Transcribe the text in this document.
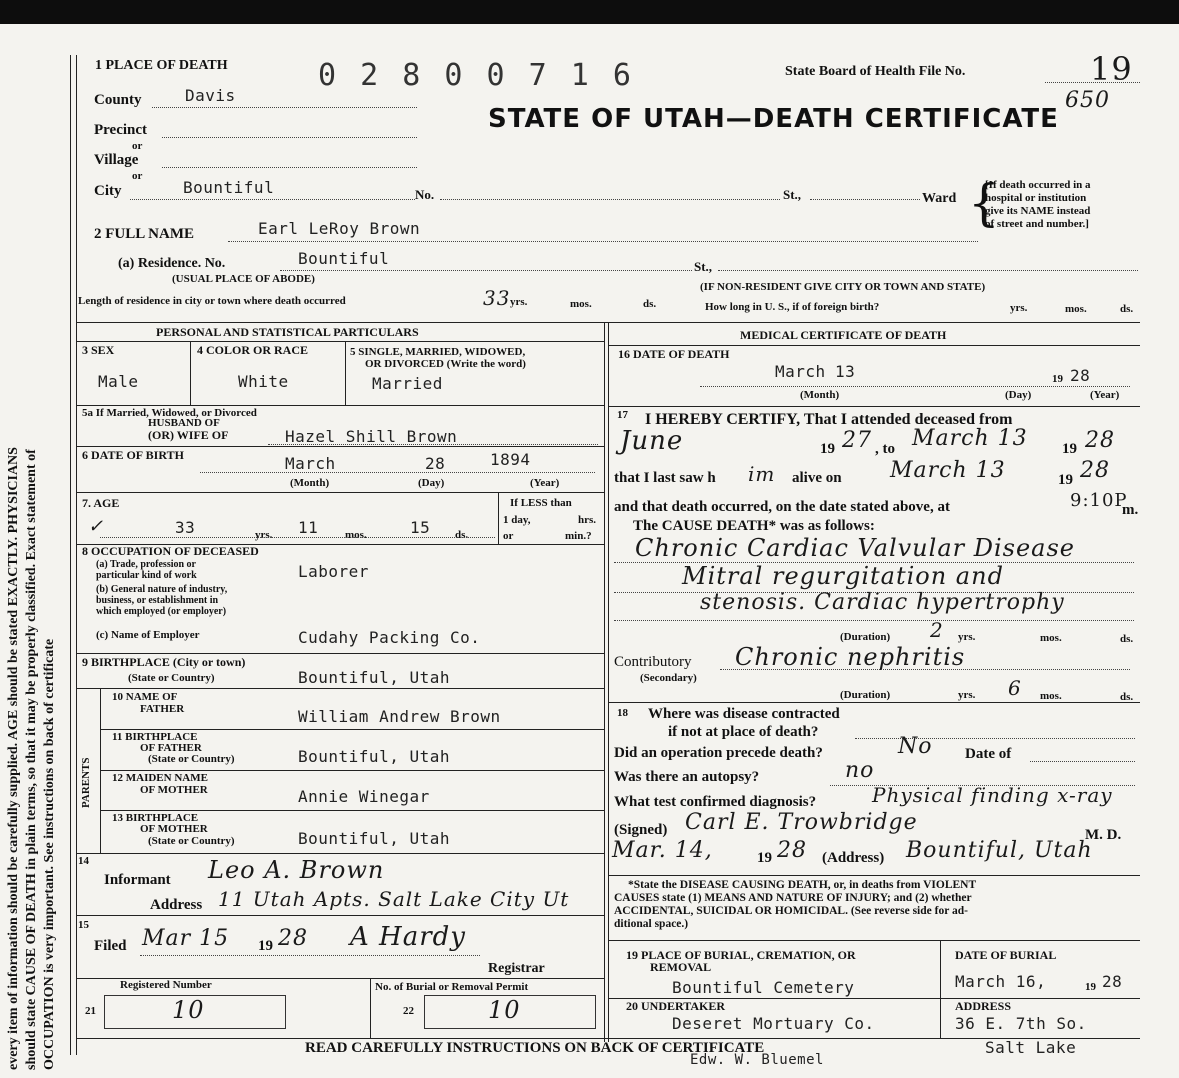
every item of information should be carefully supplied. AGE should be stated EXACTLY. PHYSICIANS should state CAUSE OF DEATH in plain terms, so that it may be properly classified. Exact statement of OCCUPATION is very important. See instructions on back of certificate
1 PLACE OF DEATH	0 2 8 0 0 7 1 6	State Board of Health File No.	19
650
STATE OF UTAH—DEATH CERTIFICATE
County	Davis
Precinct
or
Village
or
City	Bountiful	No.	St.,	Ward {
[If death occurred in a
hospital or institution
give its NAME instead
of street and number.]
2 FULL NAME	Earl LeRoy Brown
(a) Residence. No.	Bountiful	St.,
(USUAL PLACE OF ABODE)
(IF NON-RESIDENT GIVE CITY OR TOWN AND STATE)
Length of residence in city or town where death occurred	33 yrs.	mos.	ds.	How long in U. S., if of foreign birth?	yrs.	mos.	ds.
PERSONAL AND STATISTICAL PARTICULARS
3 SEX
Male
4 COLOR OR RACE
White
5 SINGLE, MARRIED, WIDOWED,
OR DIVORCED (Write the word)
Married
5a If Married, Widowed, or Divorced
HUSBAND OF
(OR) WIFE OF	Hazel Shill Brown
6 DATE OF BIRTH	March	28	1894
(Month)	(Day)	(Year)
7. AGE
✓	33	yrs. 11 mos.	15 ds.
If LESS than
1 day,	hrs.
or	min.?
8 OCCUPATION OF DECEASED
(a) Trade, profession or
particular kind of work	Laborer
(b) General nature of industry,
business, or establishment in
which employed (or employer)
(c) Name of Employer	Cudahy Packing Co.
9 BIRTHPLACE (City or town)
(State or Country)	Bountiful, Utah
PARENTS
10 NAME OF
FATHER	William Andrew Brown
11 BIRTHPLACE
OF FATHER
(State or Country)	Bountiful, Utah
12 MAIDEN NAME
OF MOTHER	Annie Winegar
13 BIRTHPLACE
OF MOTHER
(State or Country)	Bountiful, Utah
14
Informant Leo A. Brown
Address 11 Utah Apts. Salt Lake City Ut
15
Filed Mar 15 19 28 A Hardy
Registrar
Registered Number	No. of Burial or Removal Permit
21	10	22	10
MEDICAL CERTIFICATE OF DEATH
16 DATE OF DEATH
March 13	19 28
(Month)	(Day)	(Year)
17 I HEREBY CERTIFY, That I attended deceased from
June	19 27 , to March 13 19 28
that I last saw h im alive on March 13	19 28
and that death occurred, on the date stated above, at	9:10P
m.
The CAUSE DEATH* was as follows:
Chronic Cardiac Valvular Disease
Mitral regurgitation and
stenosis. Cardiac hypertrophy
(Duration) 2 yrs.	mos.	ds.
Contributory
(Secondary)
Chronic nephritis
(Duration)	yrs. 6 mos.	ds.
18 Where was disease contracted
if not at place of death?
Did an operation precede death?	No Date of
Was there an autopsy?	no
What test confirmed diagnosis?	Physical finding x-ray
(Signed) Carl E. Trowbridge	M. D.
Mar. 14,	19 28 (Address) Bountiful, Utah
*State the DISEASE CAUSING DEATH, or, in deaths from VIOLENT
CAUSES state (1) MEANS AND NATURE OF INJURY; and (2) whether
ACCIDENTAL, SUICIDAL OR HOMICIDAL. (See reverse side for ad-
ditional space.)
19 PLACE OF BURIAL, CREMATION, OR
REMOVAL
Bountiful Cemetery
DATE OF BURIAL
March 16,	19 28
20 UNDERTAKER
Deseret Mortuary Co.
ADDRESS
36 E. 7th So.
Salt Lake
Edw. W. Bluemel
READ CAREFULLY INSTRUCTIONS ON BACK OF CERTIFICATE
